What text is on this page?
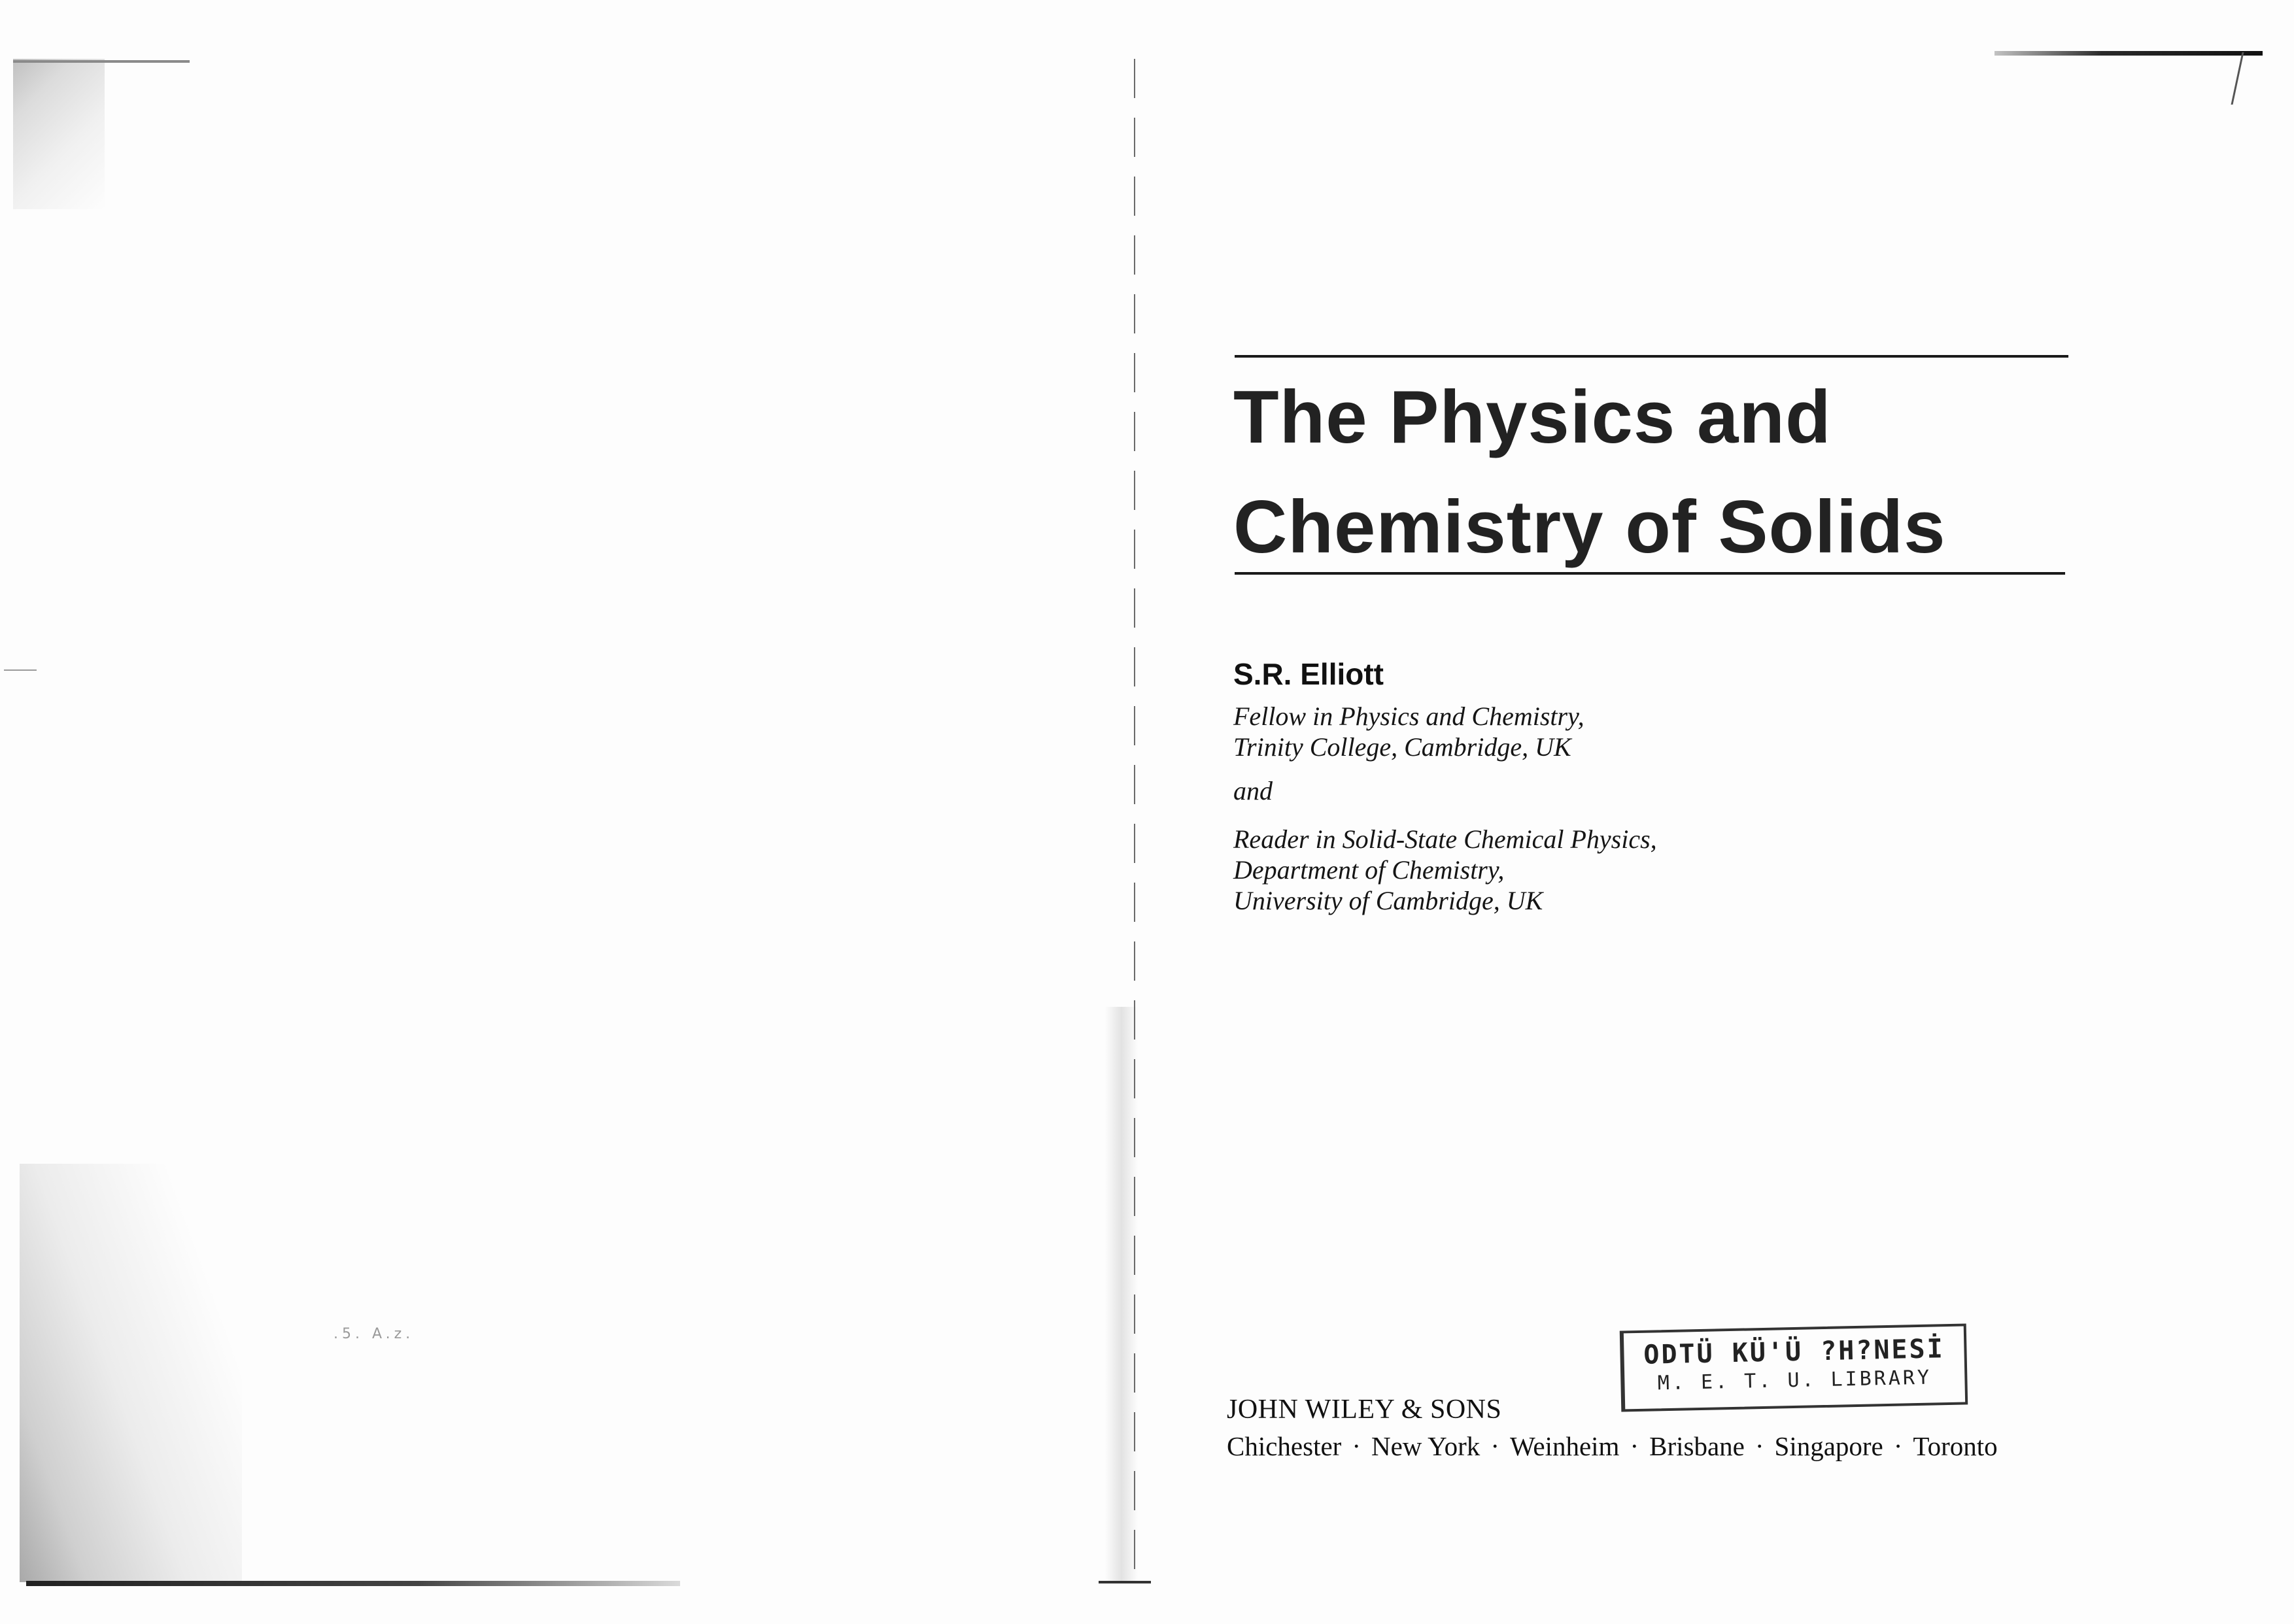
.5. A.z.
The Physics and
Chemistry of Solids
S.R. Elliott
Fellow in Physics and Chemistry,
Trinity College, Cambridge, UK
and
Reader in Solid-State Chemical Physics,
Department of Chemistry,
University of Cambridge, UK
ODTÜ KÜ'Ü ?H?NESİ
M. E. T. U. LIBRARY
JOHN WILEY & SONS
Chichester · New York · Weinheim · Brisbane · Singapore · Toronto
